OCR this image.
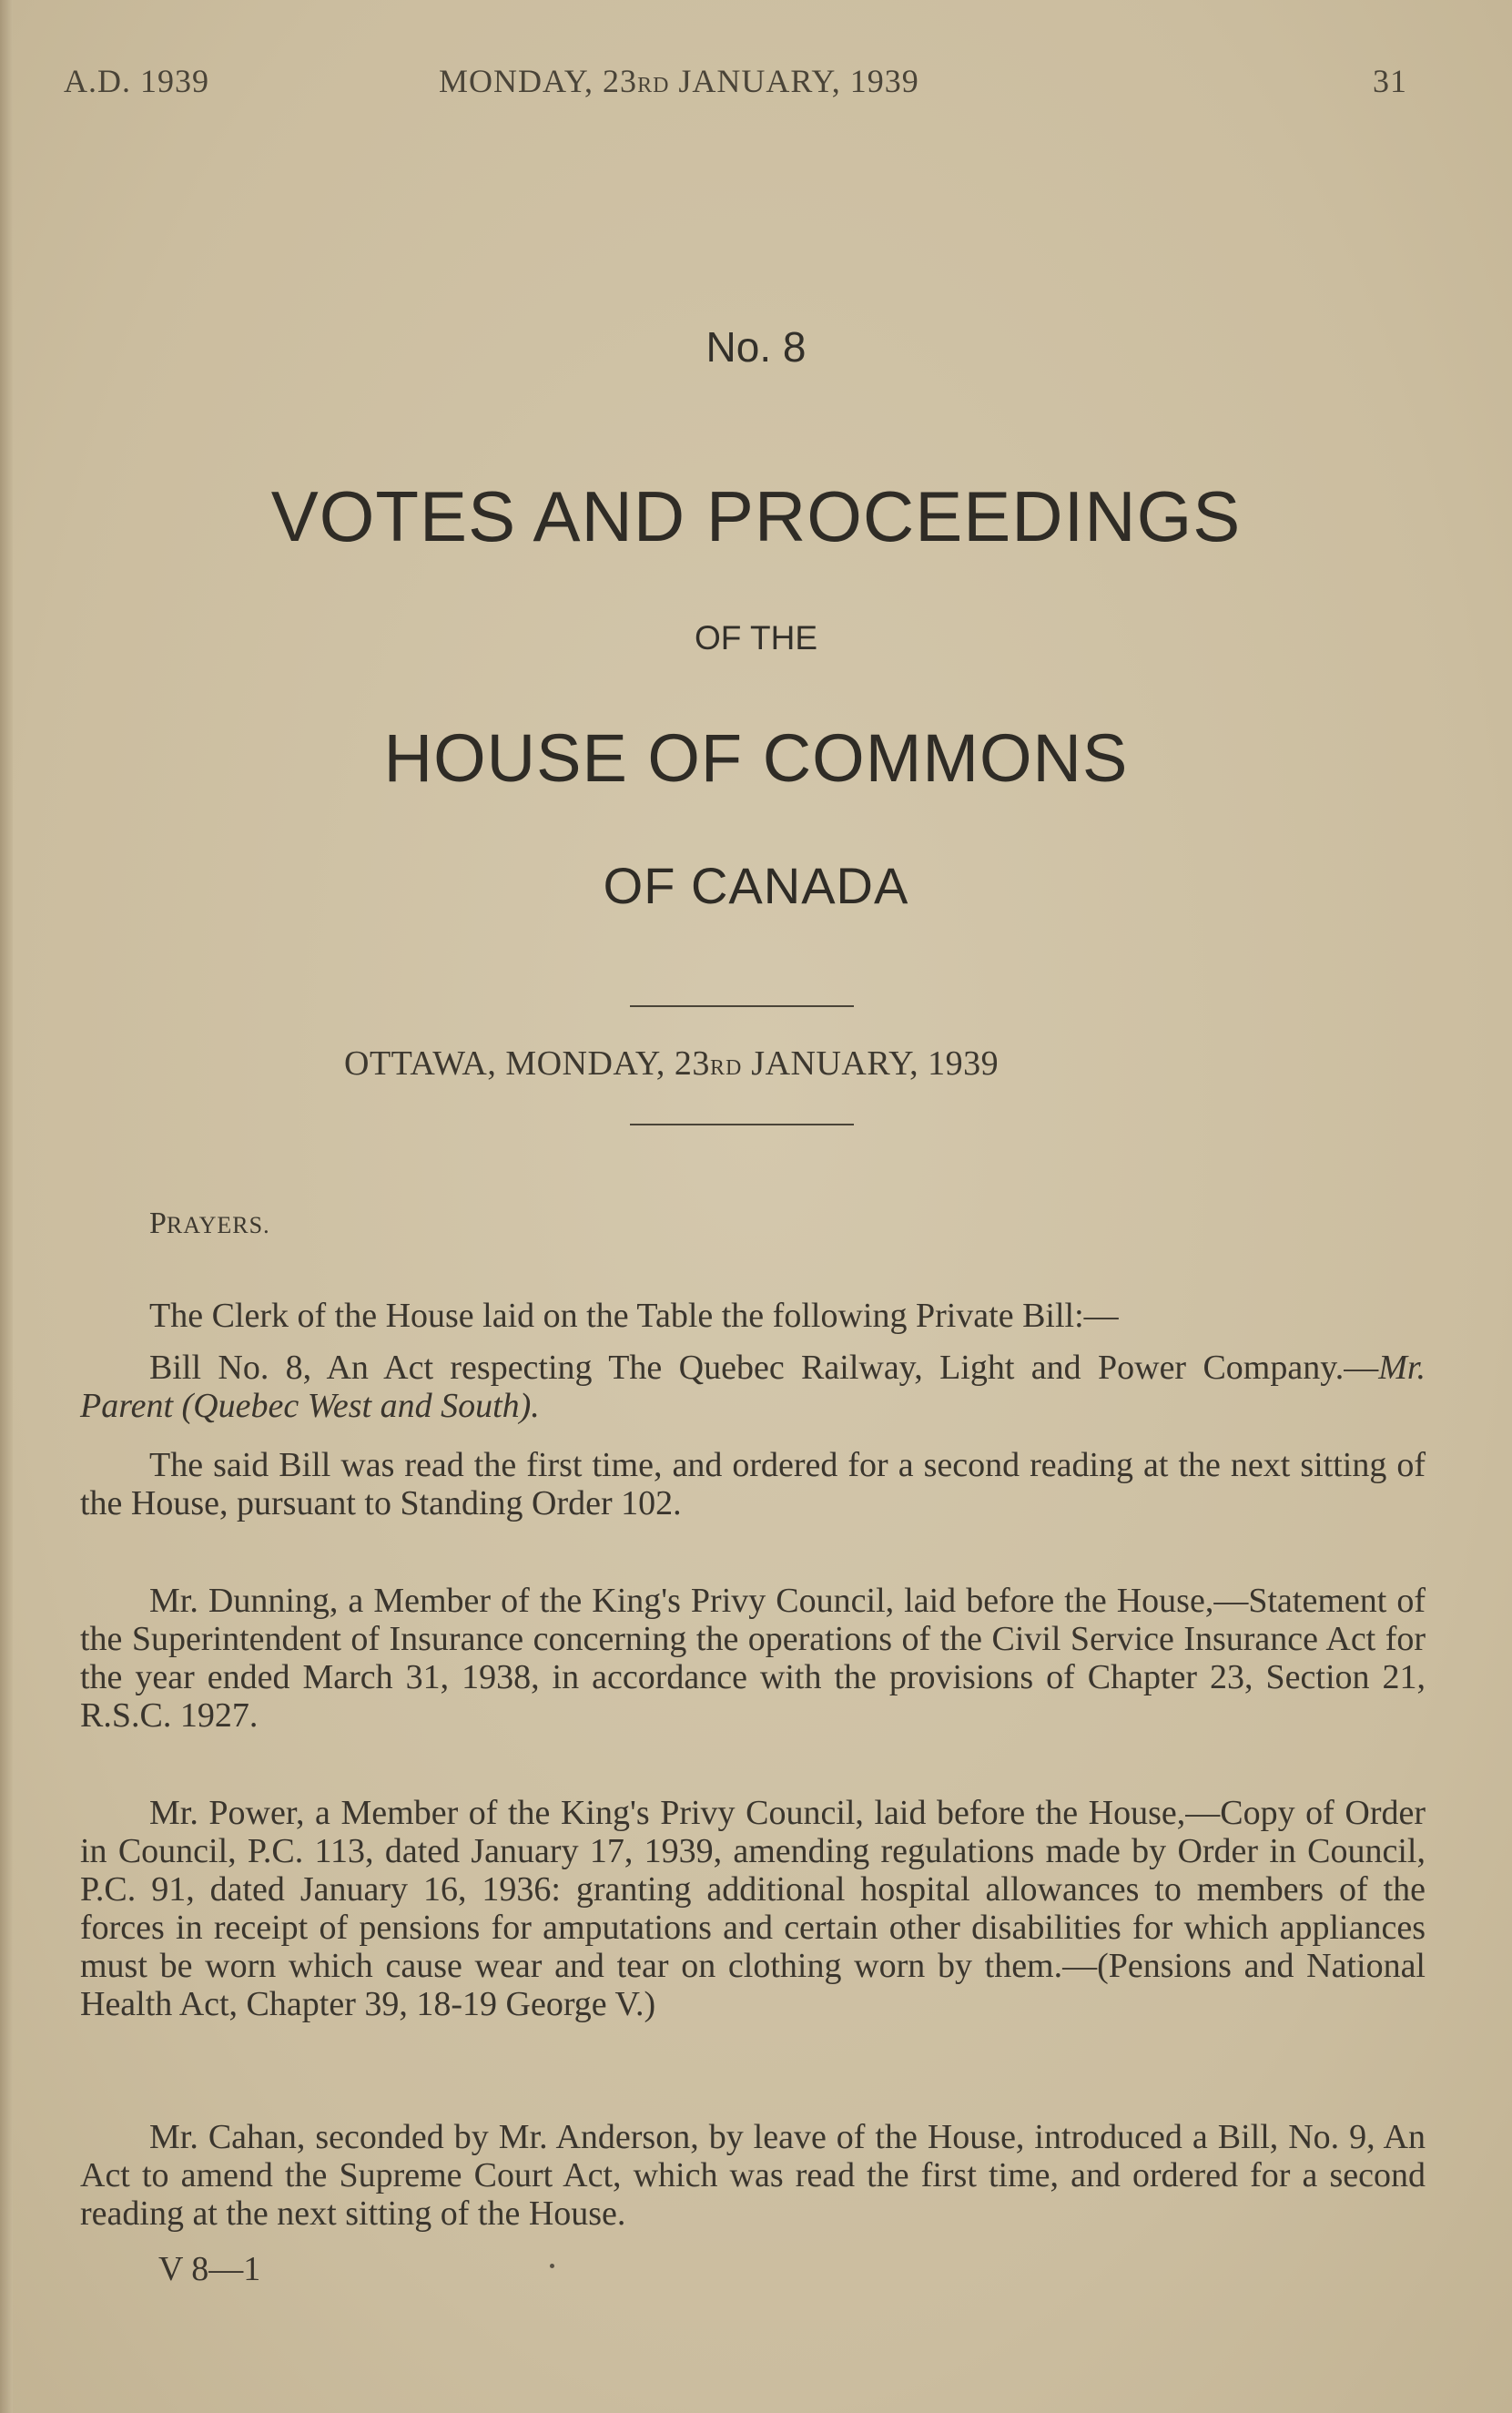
A.D. 1939	MONDAY, 23RD JANUARY, 1939	31
No. 8
VOTES AND PROCEEDINGS
OF THE
HOUSE OF COMMONS
OF CANADA
OTTAWA, MONDAY, 23RD JANUARY, 1939
PRAYERS.
The Clerk of the House laid on the Table the following Private Bill:—
Bill No. 8, An Act respecting The Quebec Railway, Light and Power Company.—Mr. Parent (Quebec West and South).
The said Bill was read the first time, and ordered for a second reading at the next sitting of the House, pursuant to Standing Order 102.
Mr. Dunning, a Member of the King's Privy Council, laid before the House,—Statement of the Superintendent of Insurance concerning the operations of the Civil Service Insurance Act for the year ended March 31, 1938, in accordance with the provisions of Chapter 23, Section 21, R.S.C. 1927.
Mr. Power, a Member of the King's Privy Council, laid before the House,—Copy of Order in Council, P.C. 113, dated January 17, 1939, amending regulations made by Order in Council, P.C. 91, dated January 16, 1936: granting additional hospital allowances to members of the forces in receipt of pensions for amputations and certain other disabilities for which appliances must be worn which cause wear and tear on clothing worn by them.—(Pensions and National Health Act, Chapter 39, 18-19 George V.)
Mr. Cahan, seconded by Mr. Anderson, by leave of the House, introduced a Bill, No. 9, An Act to amend the Supreme Court Act, which was read the first time, and ordered for a second reading at the next sitting of the House.
V 8—1
